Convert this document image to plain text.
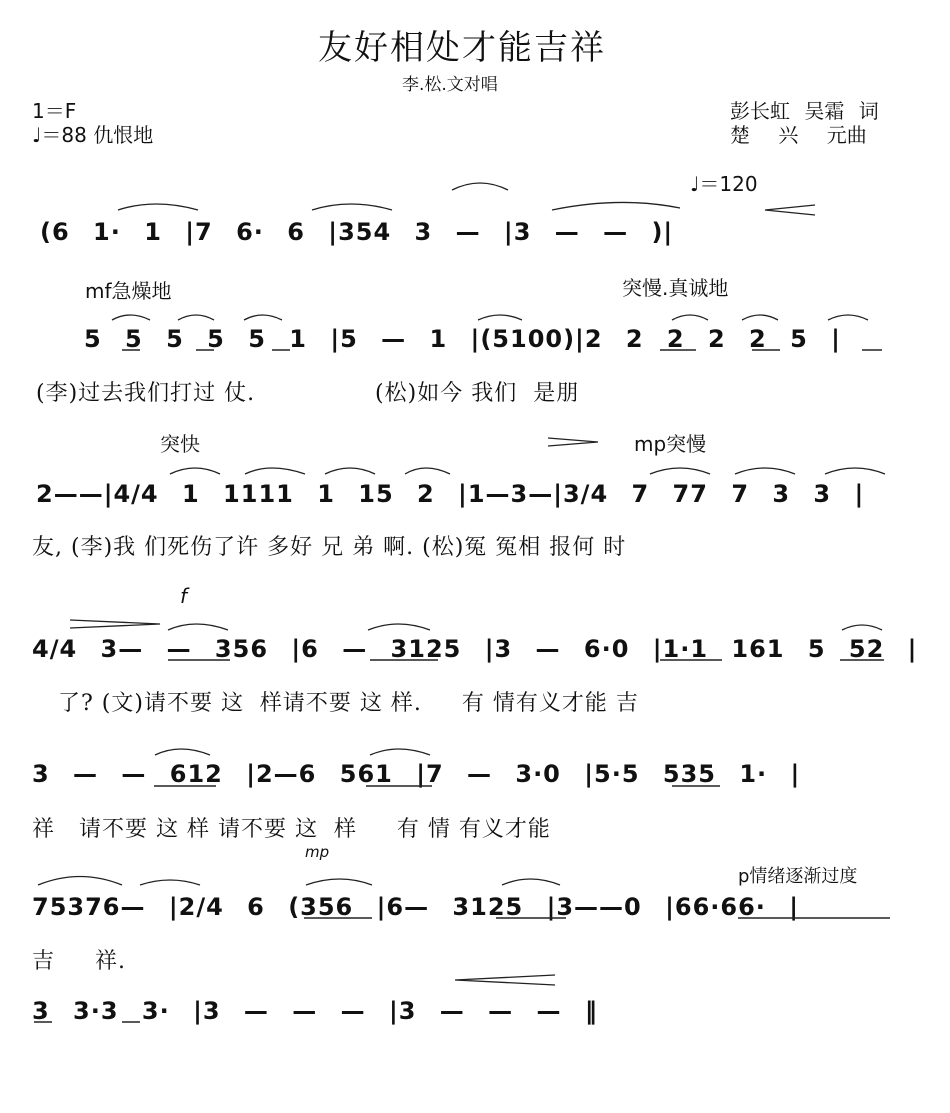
友好相处才能吉祥
李.松.文对唱
1＝F
♩＝88 仇恨地
彭长虹 吴霜 词
楚 兴 元曲
♩＝120
(6 1· 1 |7 6· 6 |354 3 — |3 — — )|
mf急燥地	突慢.真诚地
5 5 5 5 5 1 |5 — 1 |(5100)|2 2 2 2 2 5 |
(李)过去我们打过 仗.               (松)如今 我们  是朋
突快	mp突慢
2——|4/4 1 1111 1 15 2 |1—3—|3/4 7 77 7 3 3 |
友, (李)我 们死伤了许 多好 兄 弟 啊. (松)冤 冤相 报何 时
f
4/4 3— — 356 |6 — 3125 |3 — 6·0 |1·1 161 5 52 |
了? (文)请不要 这  样请不要 这 样.     有 情有义才能 吉
3 — — 612 |2—6 561 |7 — 3·0 |5·5 535 1· |
祥   请不要 这 样 请不要 这  样     有 情 有义才能
mp
p情绪逐渐过度
75376— |2/4 6 (356 |6— 3125 |3——0 |66·66· |
吉     祥.
3 3·3 3· |3 — — — |3 — — — ‖
